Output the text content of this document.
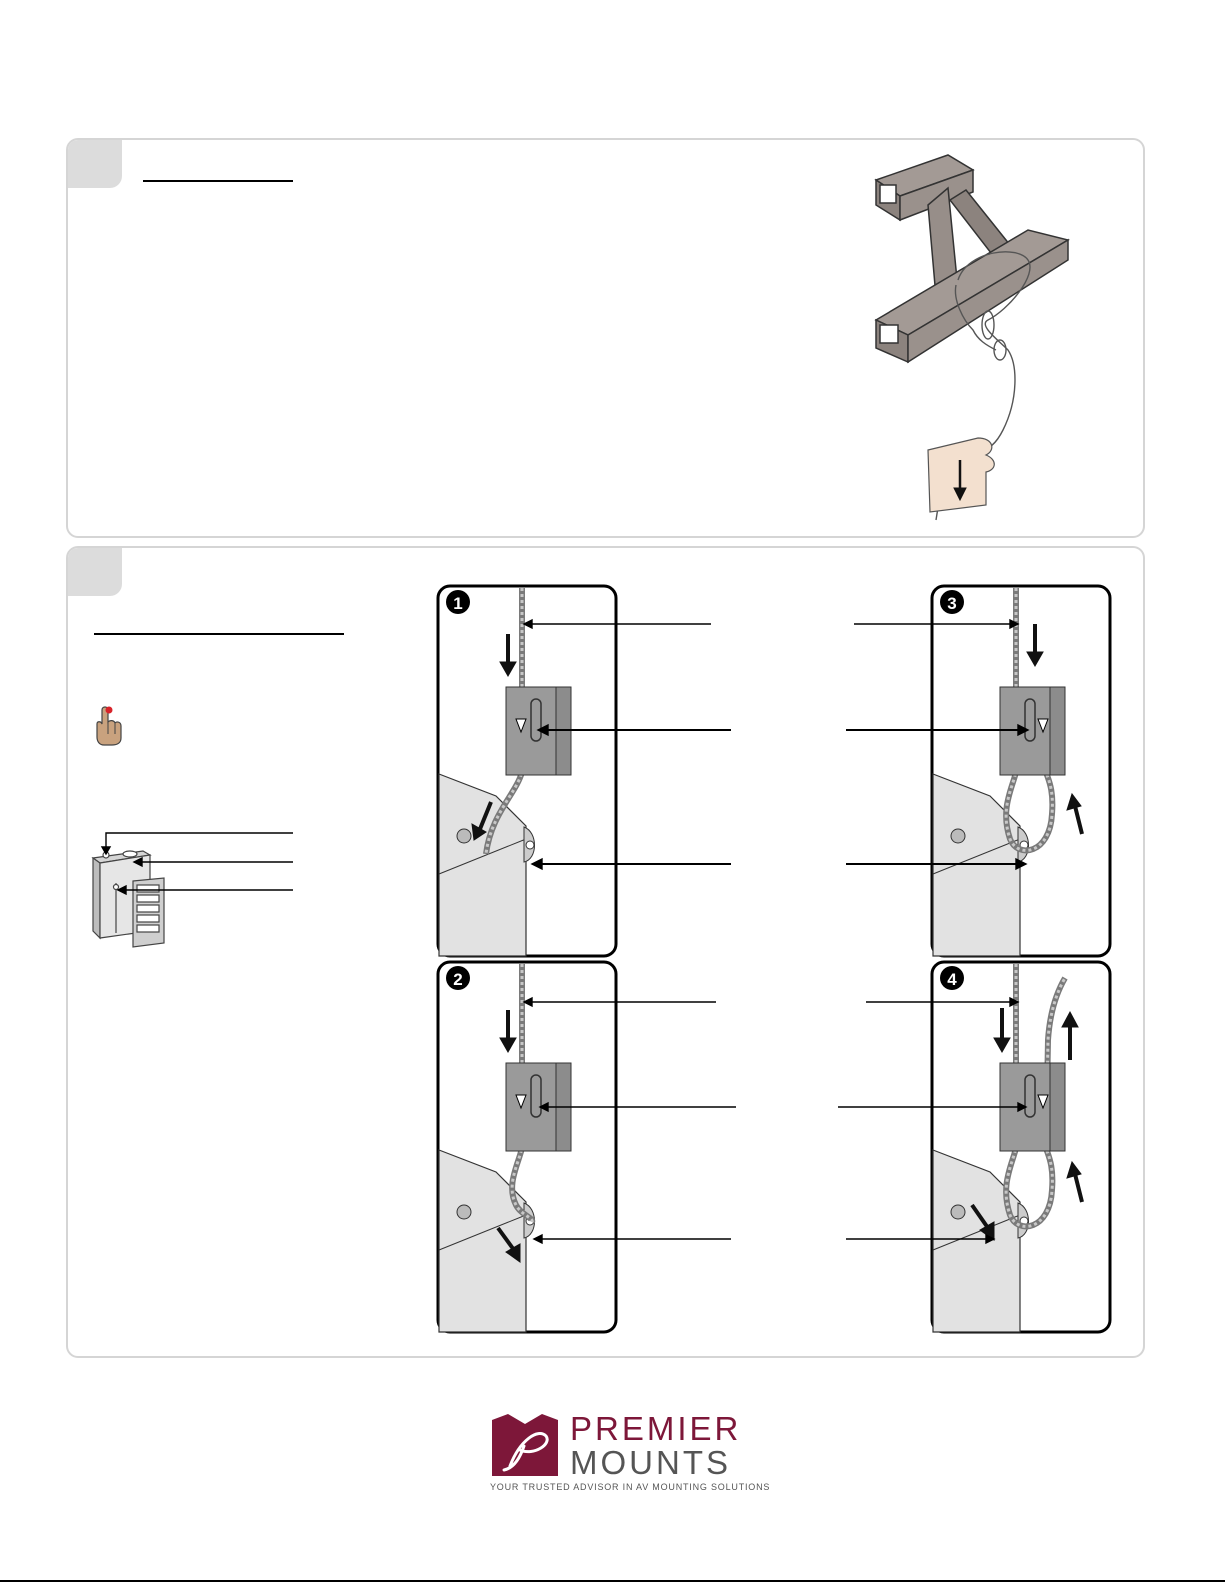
1
2
3
4
PREMIER
MOUNTS
YOUR TRUSTED ADVISOR IN AV MOUNTING SOLUTIONS
